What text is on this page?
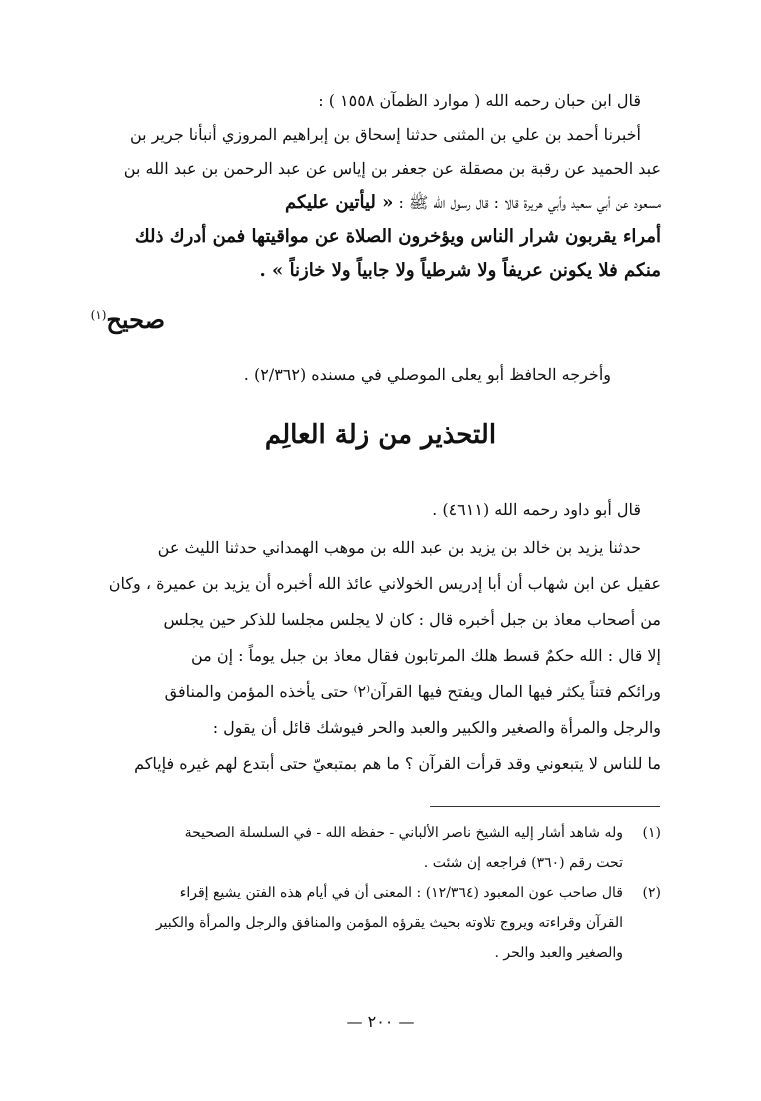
قال ابن حبان رحمه الله ( موارد الظمآن ١٥٥٨ ) :
أخبرنا أحمد بن علي بن المثنى حدثنا إسحاق بن إبراهيم المروزي أنبأنا جرير بن
عبد الحميد عن رقبة بن مصقلة عن جعفر بن إياس عن عبد الرحمن بن عبد الله بن
مسعود عن أبي سعيد وأبي هريرة قالا : قال رسول الله ﷺ : « ليأتين عليكم
أمراء يقربون شرار الناس ويؤخرون الصلاة عن مواقيتها فمن أدرك ذلك
منكم فلا يكونن عريفاً ولا شرطياً ولا جابياً ولا خازناً » .
صحيح$^{(١)}$
وأخرجه الحافظ أبو يعلى الموصلي في مسنده (٢/٣٦٢) .
التحذير من زلة العالِم
قال أبو داود رحمه الله (٤٦١١) .
حدثنا يزيد بن خالد بن يزيد بن عبد الله بن موهب الهمداني حدثنا الليث عن
عقيل عن ابن شهاب أن أبا إدريس الخولاني عائذ الله أخبره أن يزيد بن عميرة ، وكان
من أصحاب معاذ بن جبل أخبره قال : كان لا يجلس مجلسا للذكر حين يجلس
إلا قال : الله حكمٌ قسط هلك المرتابون فقال معاذ بن جبل يوماً : إن من
ورائكم فتناً يكثر فيها المال ويفتح فيها القرآن⁽٢⁾ حتى يأخذه المؤمن والمنافق
والرجل والمرأة والصغير والكبير والعبد والحر فيوشك قائل أن يقول :
ما للناس لا يتبعوني وقد قرأت القرآن ؟ ما هم بمتبعيّ حتى أبتدع لهم غيره فإياكم
(١)
وله شاهد أشار إليه الشيخ ناصر الألباني - حفظه الله - في السلسلة الصحيحة
تحت رقم (٣٦٠) فراجعه إن شئت .
(٢)
قال صاحب عون المعبود (١٢/٣٦٤) : المعنى أن في أيام هذه الفتن يشيع إقراء
القرآن وقراءته ويروج تلاوته بحيث يقرؤه المؤمن والمنافق والرجل والمرأة والكبير
والصغير والعبد والحر .
— ٢٠٠ —
